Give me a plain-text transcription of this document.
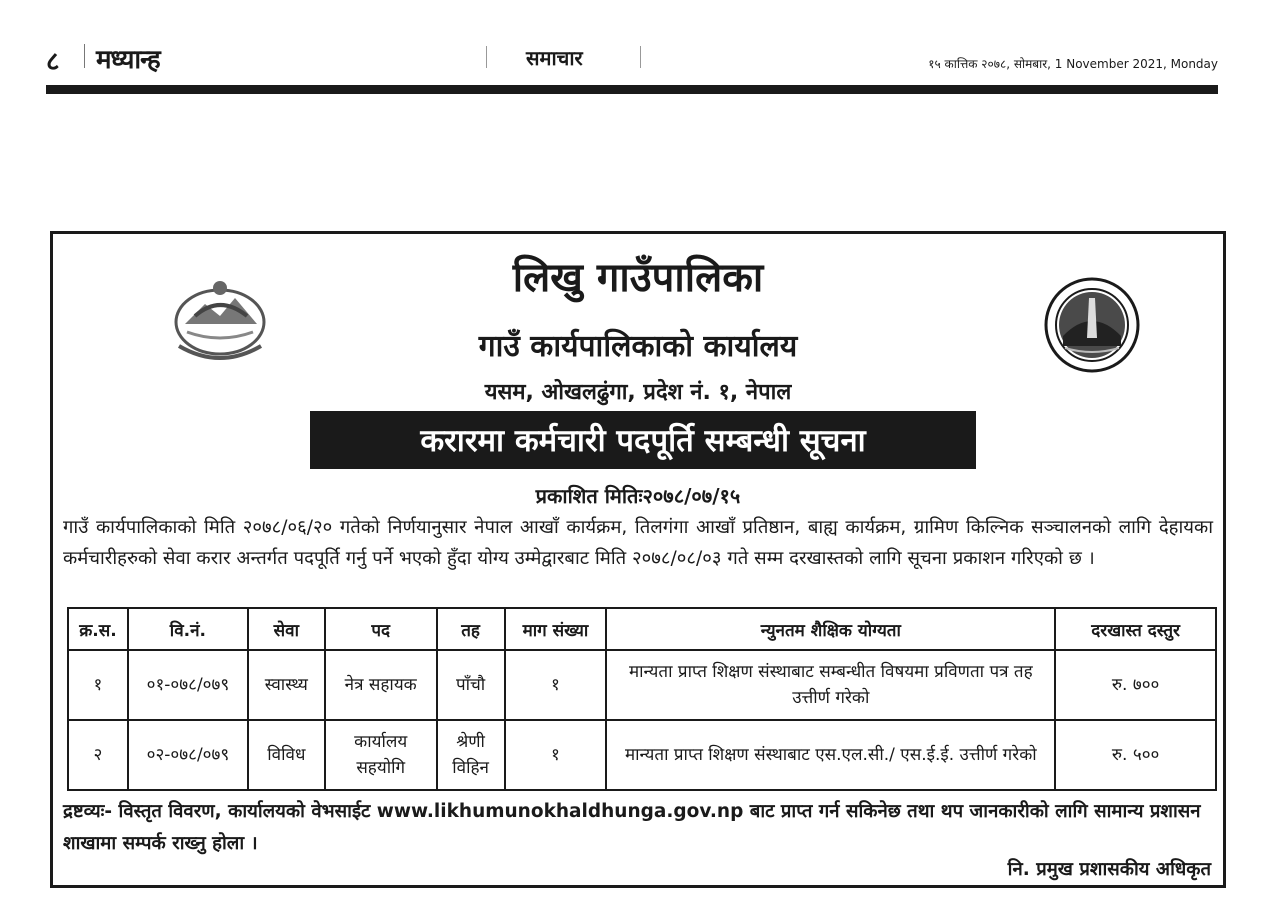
८ मध्यान्ह	समाचार	१५ कात्तिक २०७८, सोमबार, 1 November 2021, Monday
लिखु गाउँपालिका
गाउँ कार्यपालिकाको कार्यालय
यसम, ओखलढुंगा, प्रदेश नं. १, नेपाल
करारमा कर्मचारी पदपूर्ति सम्बन्धी सूचना
प्रकाशित मितिः२०७८/०७/१५
गाउँ कार्यपालिकाको मिति २०७८/०६/२० गतेको निर्णयानुसार नेपाल आखाँ कार्यक्रम, तिलगंगा आखाँ प्रतिष्ठान, बाह्य कार्यक्रम, ग्रामिण किल्निक सञ्चालनको लागि देहायका कर्मचारीहरुको सेवा करार अन्तर्गत पदपूर्ति गर्नु पर्ने भएको हुँदा योग्य उम्मेद्वारबाट मिति २०७८/०८/०३ गते सम्म दरखास्तको लागि सूचना प्रकाशन गरिएको छ ।
क्र.स.	वि.नं.	सेवा	पद	तह	माग संख्या	न्युनतम शैक्षिक योग्यता	दरखास्त दस्तुर
१	०१-०७८/०७९	स्वास्थ्य	नेत्र सहायक	पाँचौ	१	मान्यता प्राप्त शिक्षण संस्थाबाट सम्बन्धीत विषयमा प्रविणता पत्र तह उत्तीर्ण गरेको	रु. ७००
२	०२-०७८/०७९	विविध	कार्यालय सहयोगि	श्रेणी विहिन	१	मान्यता प्राप्त शिक्षण संस्थाबाट एस.एल.सी./ एस.ई.ई. उत्तीर्ण गरेको	रु. ५००
द्रष्टव्यः- विस्तृत विवरण, कार्यालयको वेभसाईट www.likhumunokhaldhunga.gov.np बाट प्राप्त गर्न सकिनेछ तथा थप जानकारीको लागि सामान्य प्रशासन शाखामा सम्पर्क राख्नु होला ।
नि. प्रमुख प्रशासकीय अधिकृत
